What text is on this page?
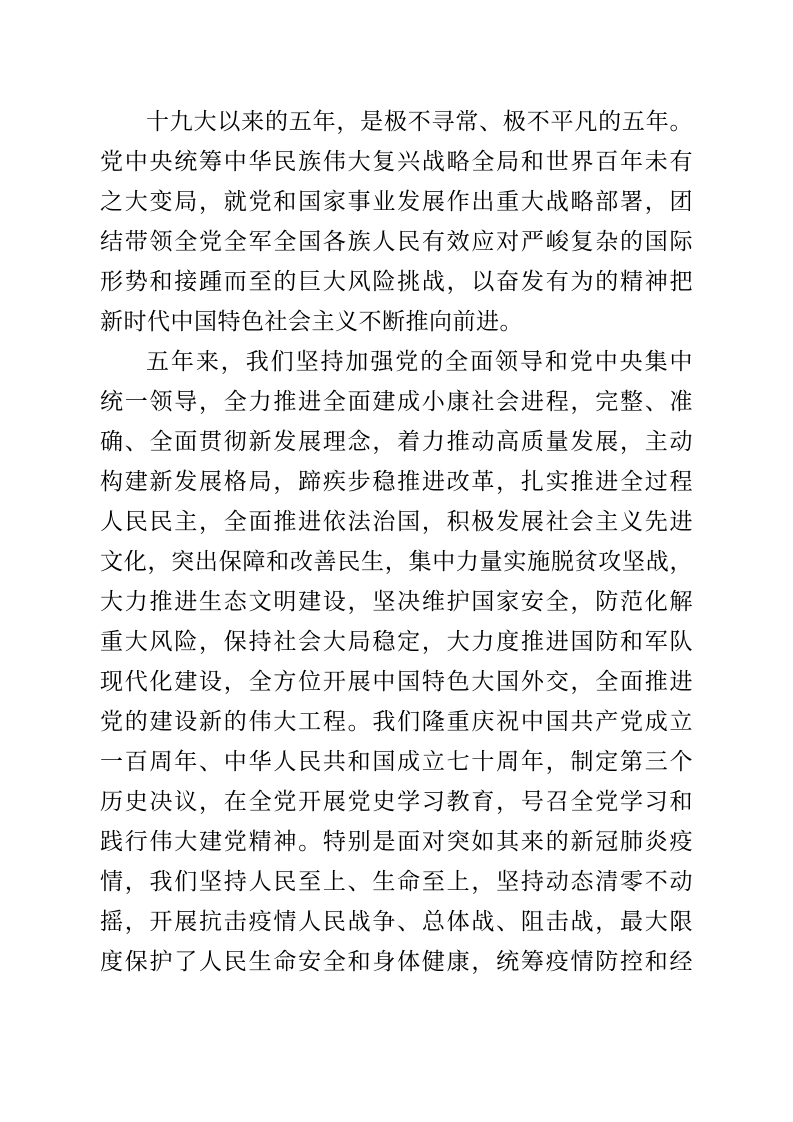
十九大以来的五年，是极不寻常、极不平凡的五年。
党中央统筹中华民族伟大复兴战略全局和世界百年未有
之大变局，就党和国家事业发展作出重大战略部署，团
结带领全党全军全国各族人民有效应对严峻复杂的国际
形势和接踵而至的巨大风险挑战，以奋发有为的精神把
新时代中国特色社会主义不断推向前进。
五年来，我们坚持加强党的全面领导和党中央集中
统一领导，全力推进全面建成小康社会进程，完整、准
确、全面贯彻新发展理念，着力推动高质量发展，主动
构建新发展格局，蹄疾步稳推进改革，扎实推进全过程
人民民主，全面推进依法治国，积极发展社会主义先进
文化，突出保障和改善民生，集中力量实施脱贫攻坚战，
大力推进生态文明建设，坚决维护国家安全，防范化解
重大风险，保持社会大局稳定，大力度推进国防和军队
现代化建设，全方位开展中国特色大国外交，全面推进
党的建设新的伟大工程。我们隆重庆祝中国共产党成立
一百周年、中华人民共和国成立七十周年，制定第三个
历史决议，在全党开展党史学习教育，号召全党学习和
践行伟大建党精神。特别是面对突如其来的新冠肺炎疫
情，我们坚持人民至上、生命至上，坚持动态清零不动
摇，开展抗击疫情人民战争、总体战、阻击战，最大限
度保护了人民生命安全和身体健康，统筹疫情防控和经
